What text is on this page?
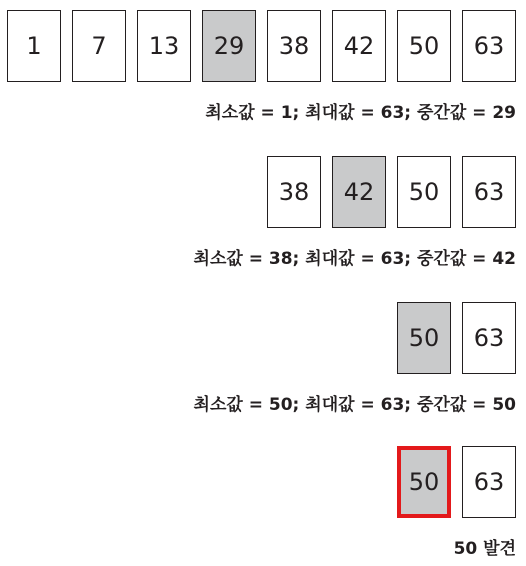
1	7	13	29	38	42	50	63
최소값 = 1; 최대값 = 63; 중간값 = 29
38	42	50	63
최소값 = 38; 최대값 = 63; 중간값 = 42
50	63
최소값 = 50; 최대값 = 63; 중간값 = 50
50	63
50 발견
